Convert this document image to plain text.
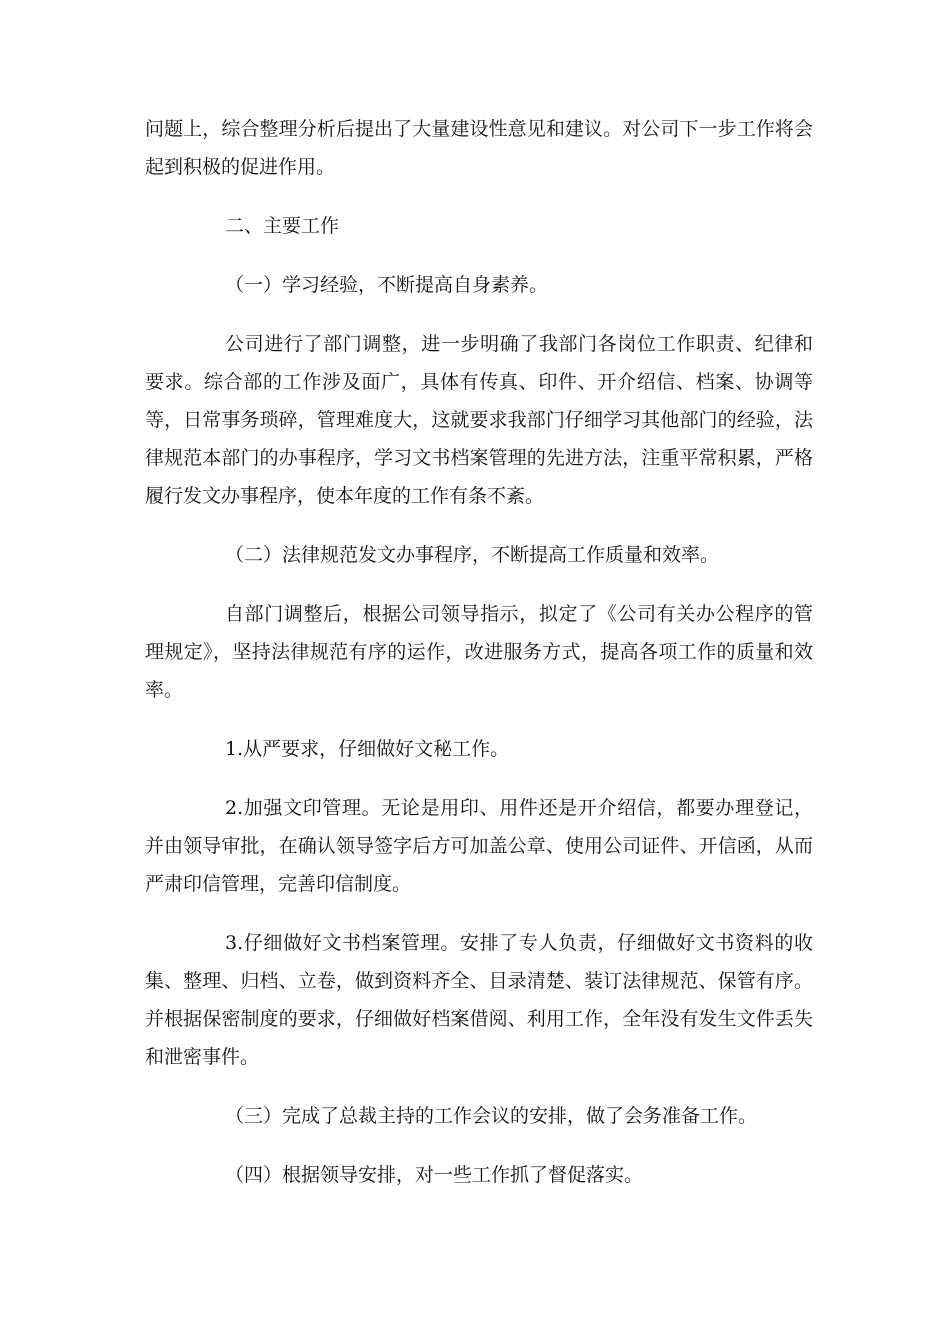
问题上，综合整理分析后提出了大量建设性意见和建议。对公司下一步工作将会起到积极的促进作用。

二、主要工作

（一）学习经验，不断提高自身素养。

公司进行了部门调整，进一步明确了我部门各岗位工作职责、纪律和要求。综合部的工作涉及面广，具体有传真、印件、开介绍信、档案、协调等等，日常事务琐碎，管理难度大，这就要求我部门仔细学习其他部门的经验，法律规范本部门的办事程序，学习文书档案管理的先进方法，注重平常积累，严格履行发文办事程序，使本年度的工作有条不紊。

（二）法律规范发文办事程序，不断提高工作质量和效率。

自部门调整后，根据公司领导指示，拟定了《公司有关办公程序的管理规定》，坚持法律规范有序的运作，改进服务方式，提高各项工作的质量和效率。

1.从严要求，仔细做好文秘工作。

2.加强文印管理。无论是用印、用件还是开介绍信，都要办理登记，并由领导审批，在确认领导签字后方可加盖公章、使用公司证件、开信函，从而严肃印信管理，完善印信制度。

3.仔细做好文书档案管理。安排了专人负责，仔细做好文书资料的收集、整理、归档、立卷，做到资料齐全、目录清楚、装订法律规范、保管有序。并根据保密制度的要求，仔细做好档案借阅、利用工作，全年没有发生文件丢失和泄密事件。

（三）完成了总裁主持的工作会议的安排，做了会务准备工作。

（四）根据领导安排，对一些工作抓了督促落实。
